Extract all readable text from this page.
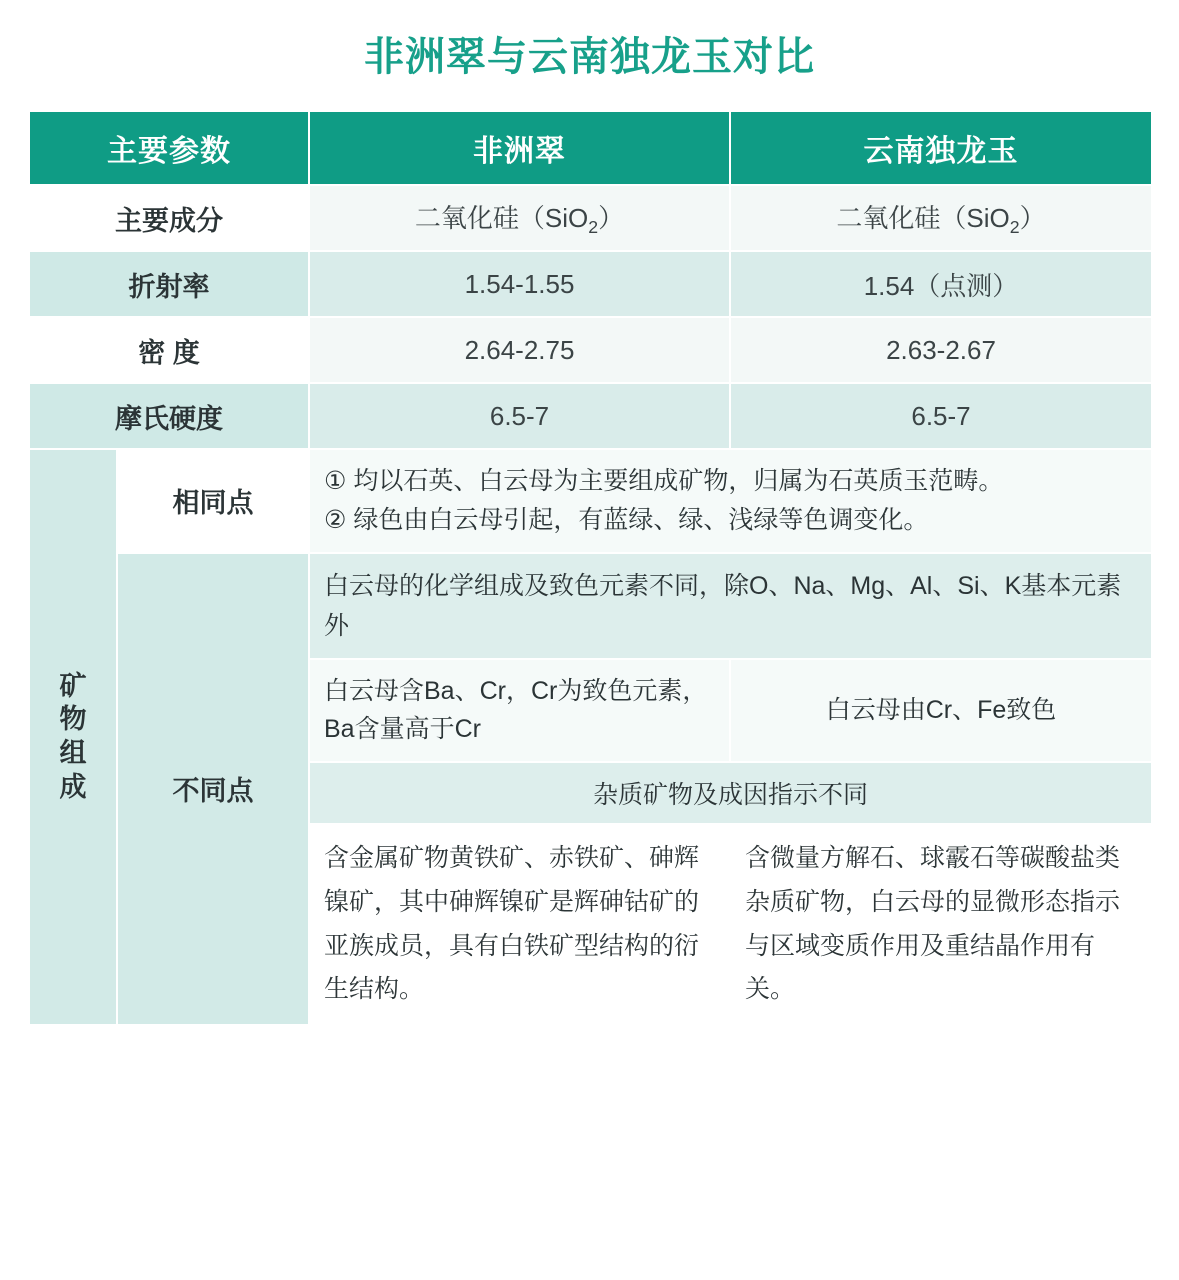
非洲翠与云南独龙玉对比
主要参数		非洲翠	云南独龙玉
主要成分		二氧化硅（SiO$_2$）	二氧化硅（SiO$_2$）
折射率		1.54-1.55	1.54（点测）
密 度		2.64-2.75	2.63-2.67
摩氏硬度		6.5-7	6.5-7
矿物组成	相同点	① 均以石英、白云母为主要组成矿物，归属为石英质玉范畴。
② 绿色由白云母引起，有蓝绿、绿、浅绿等色调变化。	

	不同点	白云母的化学组成及致色元素不同，除O、Na、Mg、Al、Si、K基本元素外	
		白云母含Ba、Cr，Cr为致色元素，Ba含量高于Cr	白云母由Cr、Fe致色
		杂质矿物及成因指示不同	
		含金属矿物黄铁矿、赤铁矿、砷辉镍矿，其中砷辉镍矿是辉砷钴矿的亚族成员，具有白铁矿型结构的衍生结构。	含微量方解石、球霰石等碳酸盐类杂质矿物，白云母的显微形态指示与区域变质作用及重结晶作用有关。
